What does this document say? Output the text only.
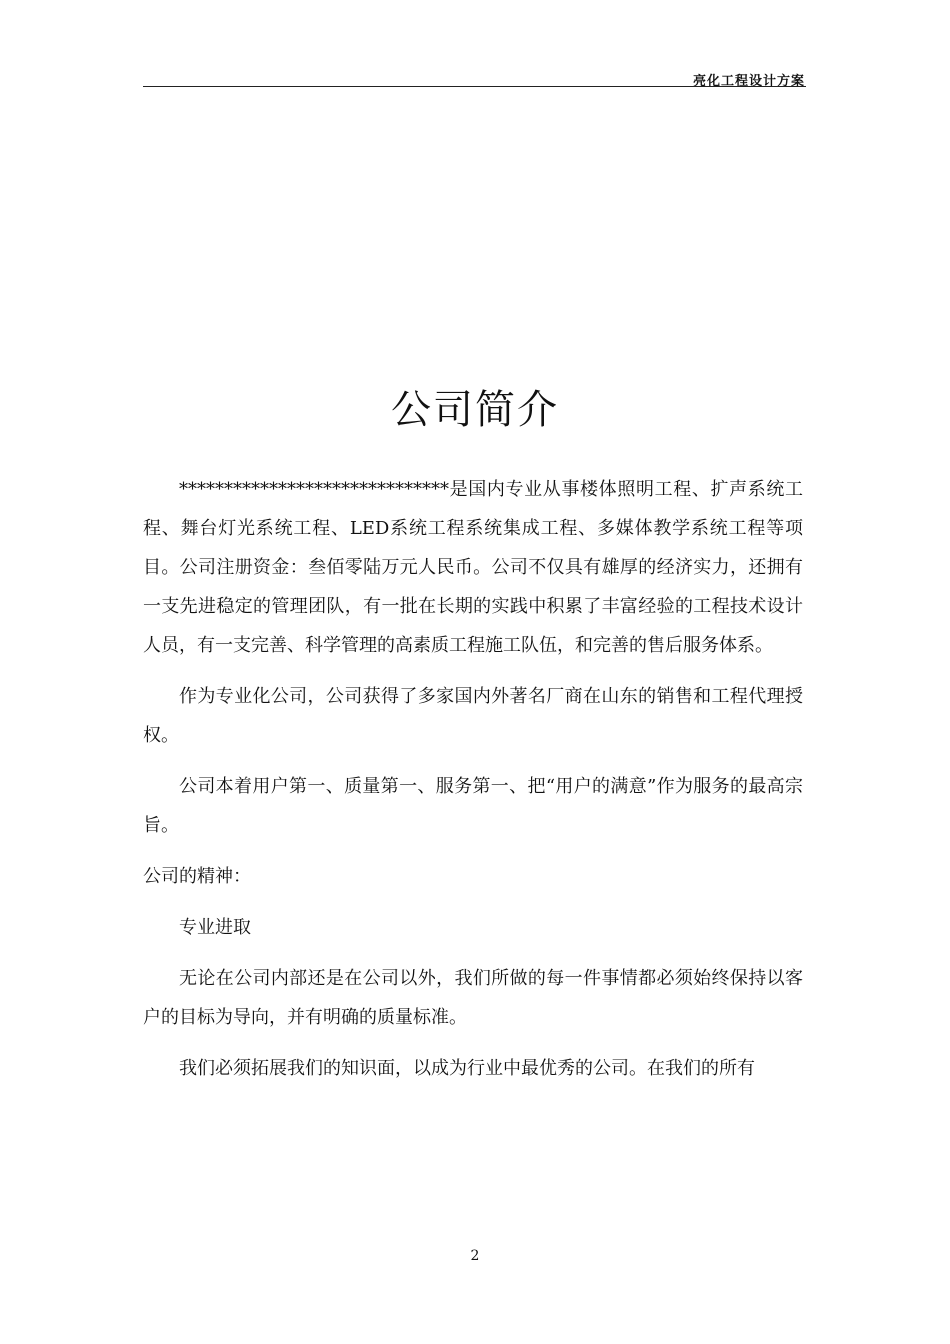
亮化工程设计方案
公司简介

******************************是国内专业从事楼体照明工程、扩声系统工程、舞台灯光系统工程、LED系统工程系统集成工程、多媒体教学系统工程等项目。公司注册资金：叁佰零陆万元人民币。公司不仅具有雄厚的经济实力，还拥有一支先进稳定的管理团队，有一批在长期的实践中积累了丰富经验的工程技术设计人员，有一支完善、科学管理的高素质工程施工队伍，和完善的售后服务体系。

作为专业化公司，公司获得了多家国内外著名厂商在山东的销售和工程代理授权。

公司本着用户第一、质量第一、服务第一、把“用户的满意”作为服务的最高宗旨。

公司的精神：

专业进取

无论在公司内部还是在公司以外，我们所做的每一件事情都必须始终保持以客户的目标为导向，并有明确的质量标准。

我们必须拓展我们的知识面，以成为行业中最优秀的公司。在我们的所有

2
